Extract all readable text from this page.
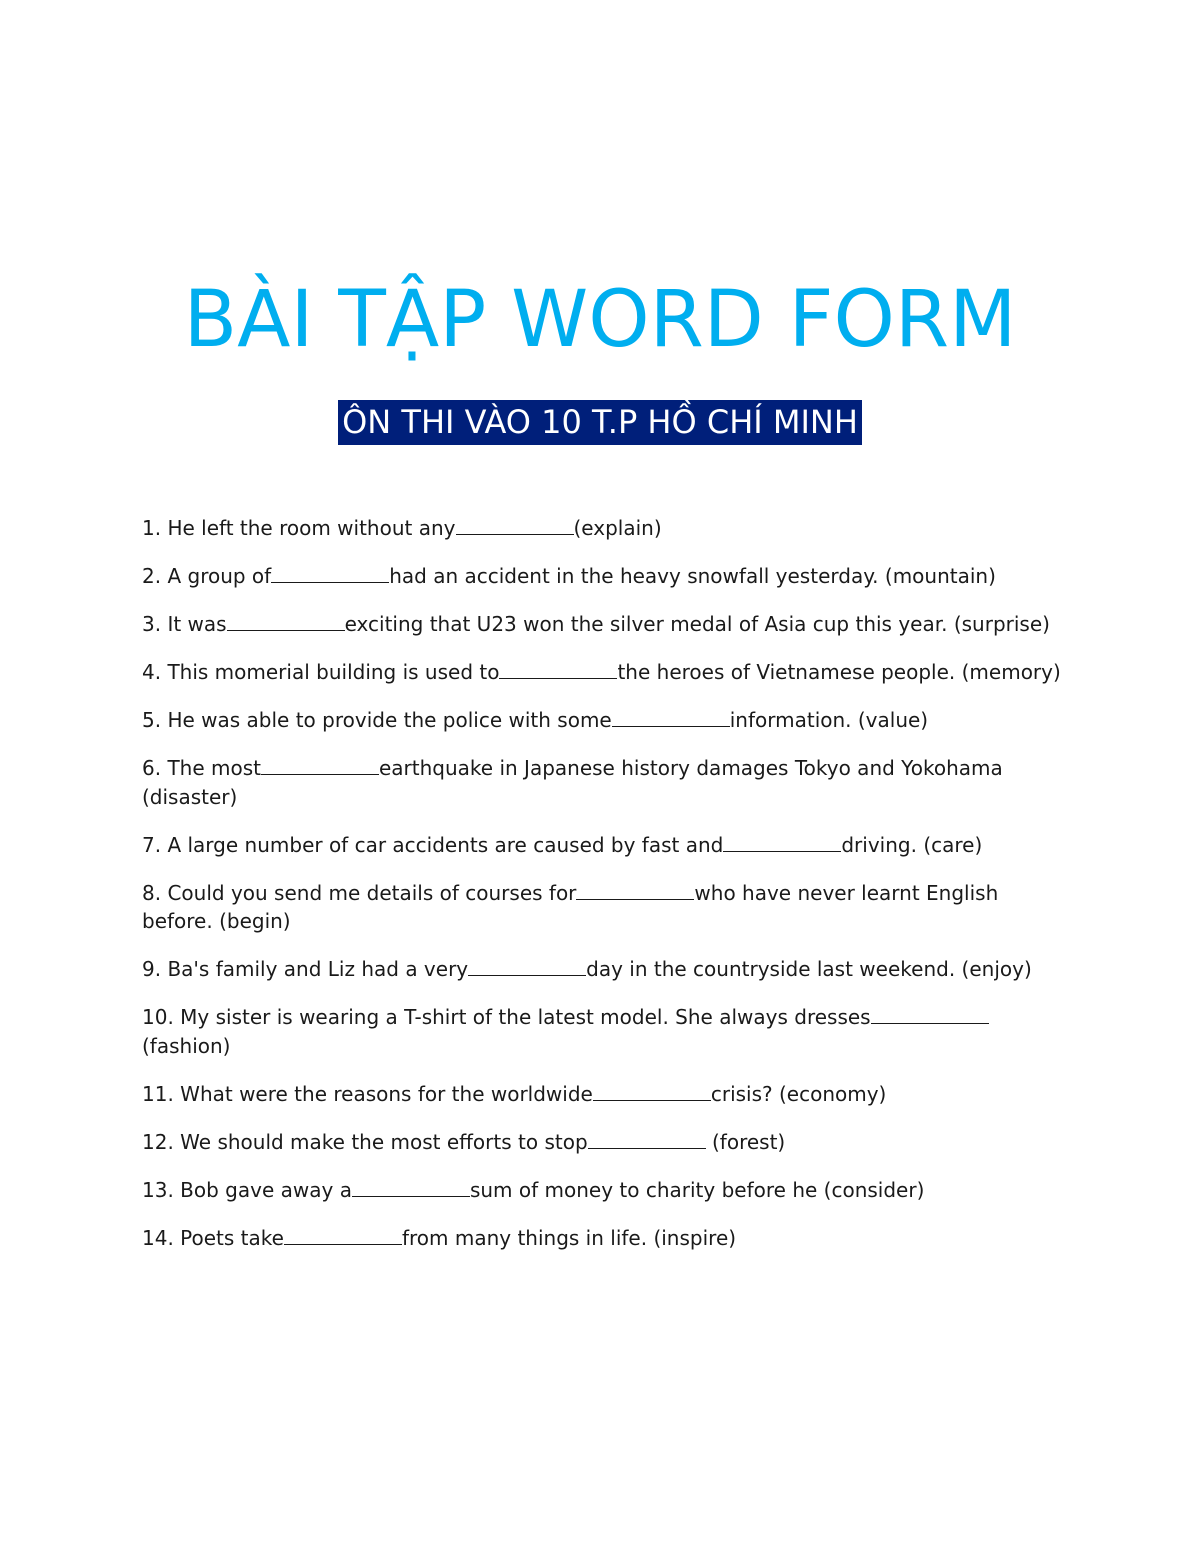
BÀI TẬP WORD FORM
ÔN THI VÀO 10 T.P HỒ CHÍ MINH
1. He left the room without any	(explain)
2. A group of	had an accident in the heavy snowfall yesterday. (mountain)
3. It was	exciting that U23 won the silver medal of Asia cup this year. (surprise)
4. This momerial building is used to	the heroes of Vietnamese people. (memory)
5. He was able to provide the police with some	information. (value)
6. The most	earthquake in Japanese history damages Tokyo and Yokohama (disaster)
7. A large number of car accidents are caused by fast and	driving. (care)
8. Could you send me details of courses for	who have never learnt English before. (begin)
9. Ba's family and Liz had a very	day in the countryside last weekend. (enjoy)
10. My sister is wearing a T-shirt of the latest model. She always dresses (fashion)
11. What were the reasons for the worldwide	crisis? (economy)
12. We should make the most efforts to stop	(forest)
13. Bob gave away a	sum of money to charity before he (consider)
14. Poets take	from many things in life. (inspire)
